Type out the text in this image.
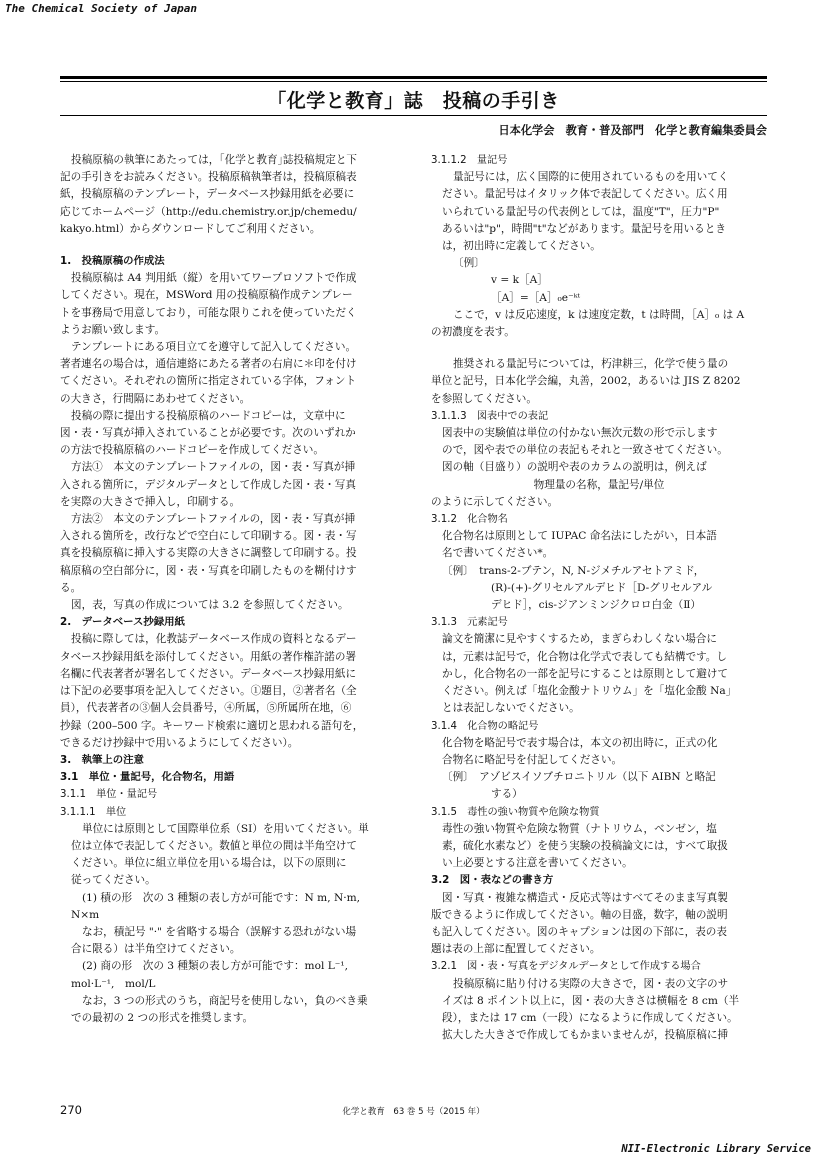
The Chemical Society of Japan
「化学と教育」誌　投稿の手引き
日本化学会　教育・普及部門　化学と教育編集委員会

投稿原稿の執筆にあたっては，｢化学と教育｣誌投稿規定と下

記の手引きをお読みください。投稿原稿執筆者は，投稿原稿表

紙，投稿原稿のテンプレート，データベース抄録用紙を必要に

応じてホームページ（http://edu.chemistry.or.jp/chemedu/

kakyo.html）からダウンロードしてご利用ください。

1.　投稿原稿の作成法

投稿原稿は A4 判用紙（縦）を用いてワープロソフトで作成

してください。現在，MSWord 用の投稿原稿作成テンプレー

トを事務局で用意しており，可能な限りこれを使っていただく

ようお願い致します。

テンプレートにある項目立てを遵守して記入してください。

著者連名の場合は，通信連絡にあたる著者の右肩に＊印を付け

てください。それぞれの箇所に指定されている字体，フォント

の大きさ，行間隔にあわせてください。

投稿の際に提出する投稿原稿のハードコピーは，文章中に

図・表・写真が挿入されていることが必要です。次のいずれか

の方法で投稿原稿のハードコピーを作成してください。

方法①　本文のテンプレートファイルの，図・表・写真が挿

入される箇所に，デジタルデータとして作成した図・表・写真

を実際の大きさで挿入し，印刷する。

方法②　本文のテンプレートファイルの，図・表・写真が挿

入される箇所を，改行などで空白にして印刷する。図・表・写

真を投稿原稿に挿入する実際の大きさに調整して印刷する。投

稿原稿の空白部分に，図・表・写真を印刷したものを糊付けす

る。

図，表，写真の作成については 3.2 を参照してください。

2.　データベース抄録用紙

投稿に際しては，化教誌データベース作成の資料となるデー

タベース抄録用紙を添付してください。用紙の著作権許諾の署

名欄に代表著者が署名してください。データベース抄録用紙に

は下記の必要事項を記入してください。①題目，②著者名（全

員），代表著者の③個人会員番号，④所属，⑤所属所在地，⑥

抄録（200–500 字。キーワード検索に適切と思われる語句を，

できるだけ抄録中で用いるようにしてください）。

3.　執筆上の注意

3.1　単位・量記号，化合物名，用語

3.1.1　単位・量記号

3.1.1.1　単位

単位には原則として国際単位系（SI）を用いてください。単

位は立体で表記してください。数値と単位の間は半角空けて

ください。単位に組立単位を用いる場合は，以下の原則に

従ってください。

(1) 積の形　次の 3 種類の表し方が可能です：N m, N·m,

N×m

なお，積記号 "·" を省略する場合（誤解する恐れがない場

合に限る）は半角空けてください。

(2) 商の形　次の 3 種類の表し方が可能です：mol L⁻¹,

mol·L⁻¹,　mol/L

なお，3 つの形式のうち，商記号を使用しない，負のべき乗

での最初の 2 つの形式を推奨します。

3.1.1.2　量記号

量記号には，広く国際的に使用されているものを用いてく

ださい。量記号はイタリック体で表記してください。広く用

いられている量記号の代表例としては，温度"T"，圧力"P"

あるいは"p"，時間"t"などがあります。量記号を用いるとき

は，初出時に定義してください。

〔例〕

v = k［A］

［A］=［A］₀e⁻ᵏᵗ

ここで，v は反応速度，k は速度定数，t は時間，［A］₀ は A

の初濃度を表す。

推奨される量記号については，朽津耕三，化学で使う量の

単位と記号，日本化学会編，丸善，2002，あるいは JIS Z 8202

を参照してください。

3.1.1.3　図表中での表記

図表中の実験値は単位の付かない無次元数の形で示します

ので，図や表での単位の表記もそれと一致させてください。

図の軸（目盛り）の説明や表のカラムの説明は，例えば

物理量の名称，量記号/単位

のように示してください。

3.1.2　化合物名

化合物名は原則として IUPAC 命名法にしたがい，日本語

名で書いてください*。

〔例〕　trans-2-ブテン，N, N-ジメチルアセトアミド，

(R)-(+)-グリセルアルデヒド［D-グリセルアル

デヒド］，cis-ジアンミンジクロロ白金（Ⅱ）

3.1.3　元素記号

論文を簡潔に見やすくするため，まぎらわしくない場合に

は，元素は記号で，化合物は化学式で表しても結構です。し

かし，化合物名の一部を記号にすることは原則として避けて

ください。例えば「塩化金酸ナトリウム」を「塩化金酸 Na」

とは表記しないでください。

3.1.4　化合物の略記号

化合物を略記号で表す場合は，本文の初出時に，正式の化

合物名に略記号を付記してください。

〔例〕　アゾビスイソブチロニトリル（以下 AIBN と略記

する）

3.1.5　毒性の強い物質や危険な物質

毒性の強い物質や危険な物質（ナトリウム，ベンゼン，塩

素，硫化水素など）を使う実験の投稿論文には，すべて取扱

い上必要とする注意を書いてください。

3.2　図・表などの書き方

図・写真・複雑な構造式・反応式等はすべてそのまま写真製

版できるように作成してください。軸の目盛，数字，軸の説明

も記入してください。図のキャプションは図の下部に，表の表

題は表の上部に配置してください。

3.2.1　図・表・写真をデジタルデータとして作成する場合

投稿原稿に貼り付ける実際の大きさで，図・表の文字のサ

イズは 8 ポイント以上に，図・表の大きさは横幅を 8 cm（半

段），または 17 cm（一段）になるように作成してください。

拡大した大きさで作成してもかまいませんが，投稿原稿に挿

270	化学と教育　63 巻 5 号（2015 年）
NII-Electronic Library Service
